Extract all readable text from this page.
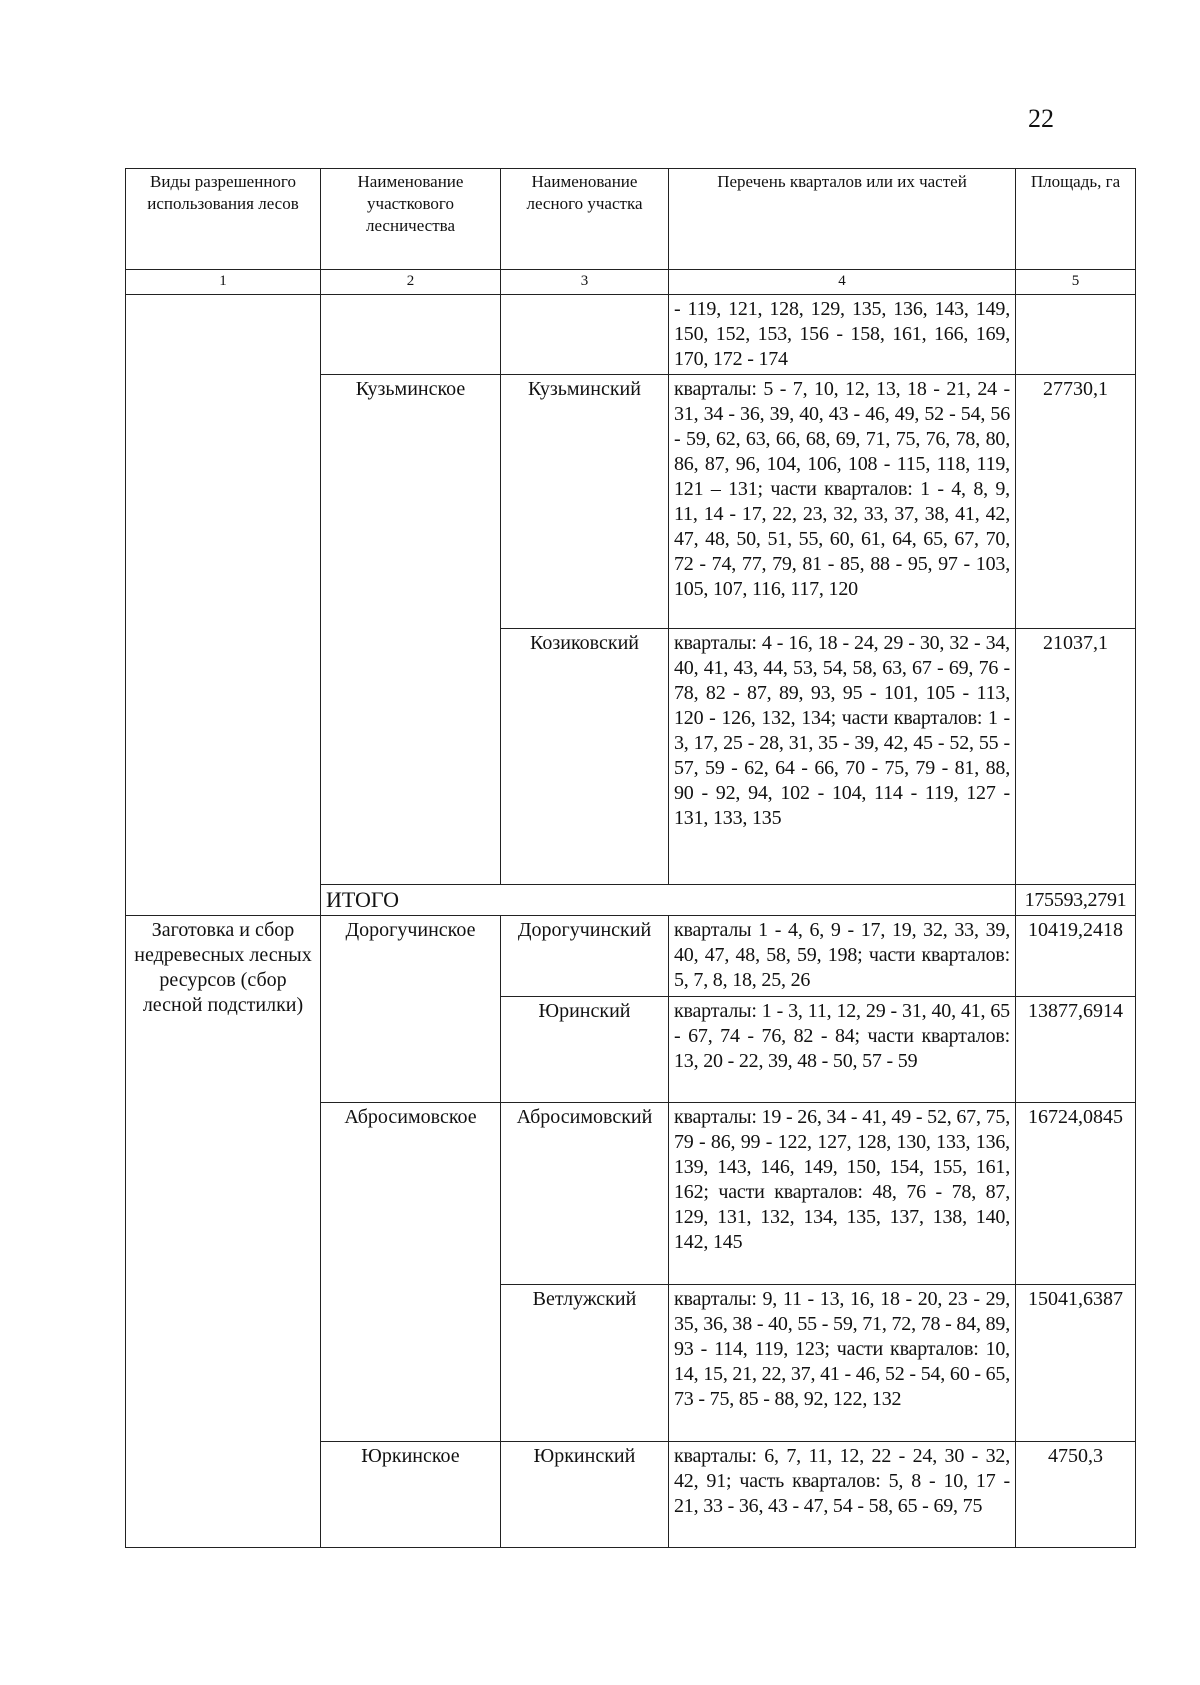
22
Виды разрешенного использования лесов	Наименование участкового лесничества	Наименование лесного участка	Перечень кварталов или их частей	Площадь, га
1	2	3	4	5
			- 119, 121, 128, 129, 135, 136, 143, 149, 150, 152, 153, 156 - 158, 161, 166, 169, 170, 172 - 174	
	Кузьминское	Кузьминский	кварталы: 5 - 7, 10, 12, 13, 18 - 21, 24 - 31, 34 - 36, 39, 40, 43 - 46, 49, 52 - 54, 56 - 59, 62, 63, 66, 68, 69, 71, 75, 76, 78, 80, 86, 87, 96, 104, 106, 108 - 115, 118, 119, 121 – 131; части кварталов: 1 - 4, 8, 9, 11, 14 - 17, 22, 23, 32, 33, 37, 38, 41, 42, 47, 48, 50, 51, 55, 60, 61, 64, 65, 67, 70, 72 - 74, 77, 79, 81 - 85, 88 - 95, 97 - 103, 105, 107, 116, 117, 120	27730,1
		Козиковский	кварталы: 4 - 16, 18 - 24, 29 - 30, 32 - 34, 40, 41, 43, 44, 53, 54, 58, 63, 67 - 69, 76 - 78, 82 - 87, 89, 93, 95 - 101, 105 - 113, 120 - 126, 132, 134; части кварталов: 1 - 3, 17, 25 - 28, 31, 35 - 39, 42, 45 - 52, 55 - 57, 59 - 62, 64 - 66, 70 - 75, 79 - 81, 88, 90 - 92, 94, 102 - 104, 114 - 119, 127 - 131, 133, 135	21037,1
	ИТОГО			175593,2791
Заготовка и сбор недревесных лесных ресурсов (сбор лесной подстилки)	Дорогучинское	Дорогучинский	кварталы 1 - 4, 6, 9 - 17, 19, 32, 33, 39, 40, 47, 48, 58, 59, 198; части кварталов: 5, 7, 8, 18, 25, 26	10419,2418
		Юринский	кварталы: 1 - 3, 11, 12, 29 - 31, 40, 41, 65 - 67, 74 - 76, 82 - 84; части кварталов: 13, 20 - 22, 39, 48 - 50, 57 - 59	13877,6914
	Абросимовское	Абросимовский	кварталы: 19 - 26, 34 - 41, 49 - 52, 67, 75, 79 - 86, 99 - 122, 127, 128, 130, 133, 136, 139, 143, 146, 149, 150, 154, 155, 161, 162; части кварталов: 48, 76 - 78, 87, 129, 131, 132, 134, 135, 137, 138, 140, 142, 145	16724,0845
		Ветлужский	кварталы: 9, 11 - 13, 16, 18 - 20, 23 - 29, 35, 36, 38 - 40, 55 - 59, 71, 72, 78 - 84, 89, 93 - 114, 119, 123; части кварталов: 10, 14, 15, 21, 22, 37, 41 - 46, 52 - 54, 60 - 65, 73 - 75, 85 - 88, 92, 122, 132	15041,6387
	Юркинское	Юркинский	кварталы: 6, 7, 11, 12, 22 - 24, 30 - 32, 42, 91; часть кварталов: 5, 8 - 10, 17 - 21, 33 - 36, 43 - 47, 54 - 58, 65 - 69, 75	4750,3
